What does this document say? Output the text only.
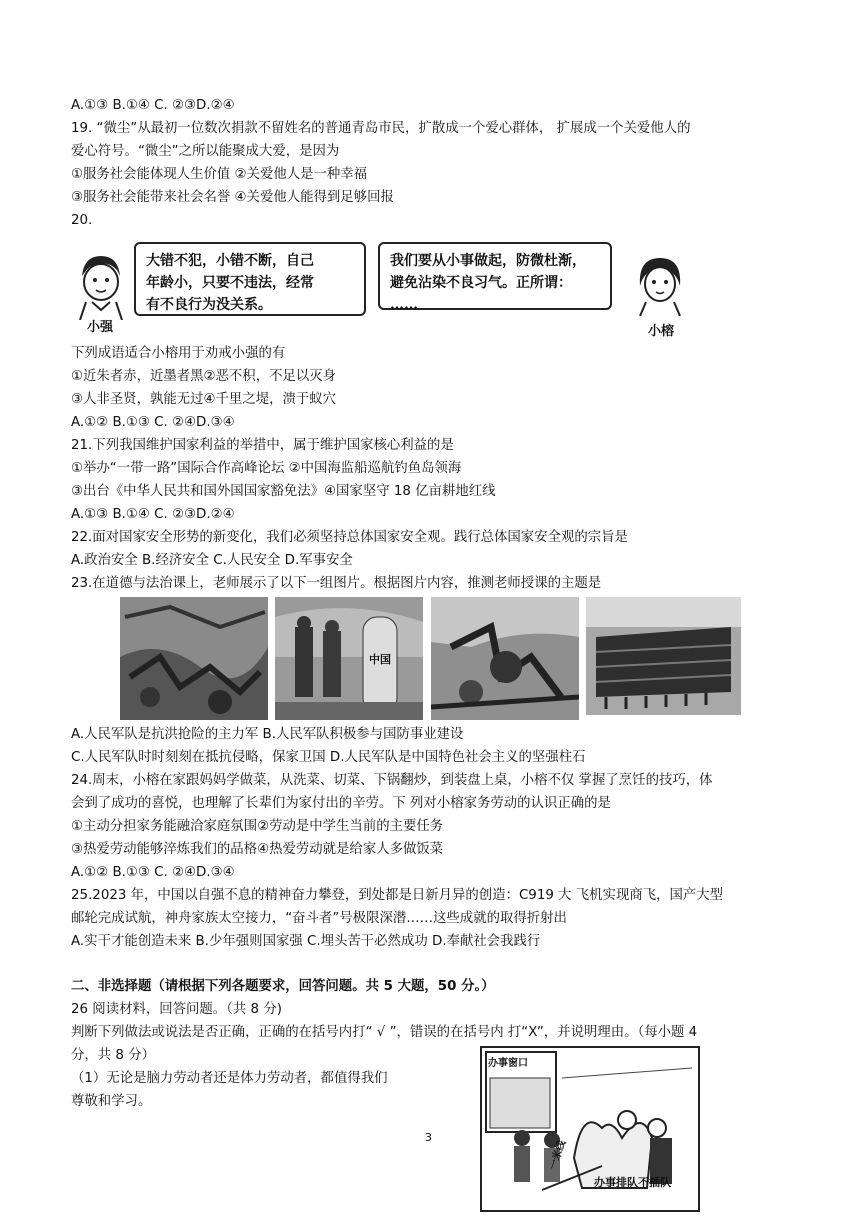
A.①③ B.①④ C. ②③D.②④
19. “微尘”从最初一位数次捐款不留姓名的普通青岛市民，扩散成一个爱心群体， 扩展成一个关爱他人的
爱心符号。“微尘”之所以能聚成大爱，是因为
①服务社会能体现人生价值 ②关爱他人是一种幸福
③服务社会能带来社会名誉 ④关爱他人能得到足够回报
20.
小强
大错不犯，小错不断，自己
年龄小，只要不违法，经常
有不良行为没关系。
我们要从小事做起，防微杜渐，
避免沾染不良习气。正所谓：
……
小榕
下列成语适合小榕用于劝戒小强的有
①近朱者赤，近墨者黑②恶不积，不足以灭身
③人非圣贤，孰能无过④千里之堤，溃于蚁穴
A.①② B.①③ C. ②④D.③④
21.下列我国维护国家利益的举措中，属于维护国家核心利益的是
①举办“一带一路”国际合作高峰论坛 ②中国海监船巡航钓鱼岛领海
③出台《中华人民共和国外国国家豁免法》④国家坚守 18 亿亩耕地红线
A.①③ B.①④ C. ②③D.②④
22.面对国家安全形势的新变化，我们必须坚持总体国家安全观。践行总体国家安全观的宗旨是
A.政治安全 B.经济安全 C.人民安全 D.军事安全
23.在道德与法治课上，老师展示了以下一组图片。根据图片内容，推测老师授课的主题是
中国
A.人民军队是抗洪抢险的主力军 B.人民军队积极参与国防事业建设
C.人民军队时时刻刻在抵抗侵略，保家卫国 D.人民军队是中国特色社会主义的坚强柱石
24.周末，小榕在家跟妈妈学做菜，从洗菜、切菜、下锅翻炒，到装盘上桌，小榕不仅 掌握了烹饪的技巧，体
会到了成功的喜悦，也理解了长辈们为家付出的辛劳。下 列对小榕家务劳动的认识正确的是
①主动分担家务能融洽家庭氛围②劳动是中学生当前的主要任务
③热爱劳动能够淬炼我们的品格④热爱劳动就是给家人多做饭菜
A.①② B.①③ C. ②④D.③④
25.2023 年，中国以自强不息的精神奋力攀登，到处都是日新月异的创造：C919 大 飞机实现商飞，国产大型
邮轮完成试航，神舟家族太空接力，“奋斗者”号极限深潜……这些成就的取得折射出
A.实干才能创造未来 B.少年强则国家强 C.埋头苦干必然成功 D.奉献社会我践行
二、非选择题（请根据下列各题要求，回答问题。共 5 大题，50 分。）
26 阅读材料，回答问题。（共 8 分)
判断下列做法或说法是否正确，正确的在括号内打“ √ ”，错误的在括号内 打“X”，并说明理由。（每小题 4
分，共 8 分）
（1）无论是脑力劳动者还是体力劳动者，都值得我们
尊敬和学习。
办事窗口
一米线
办事排队不插队
3
